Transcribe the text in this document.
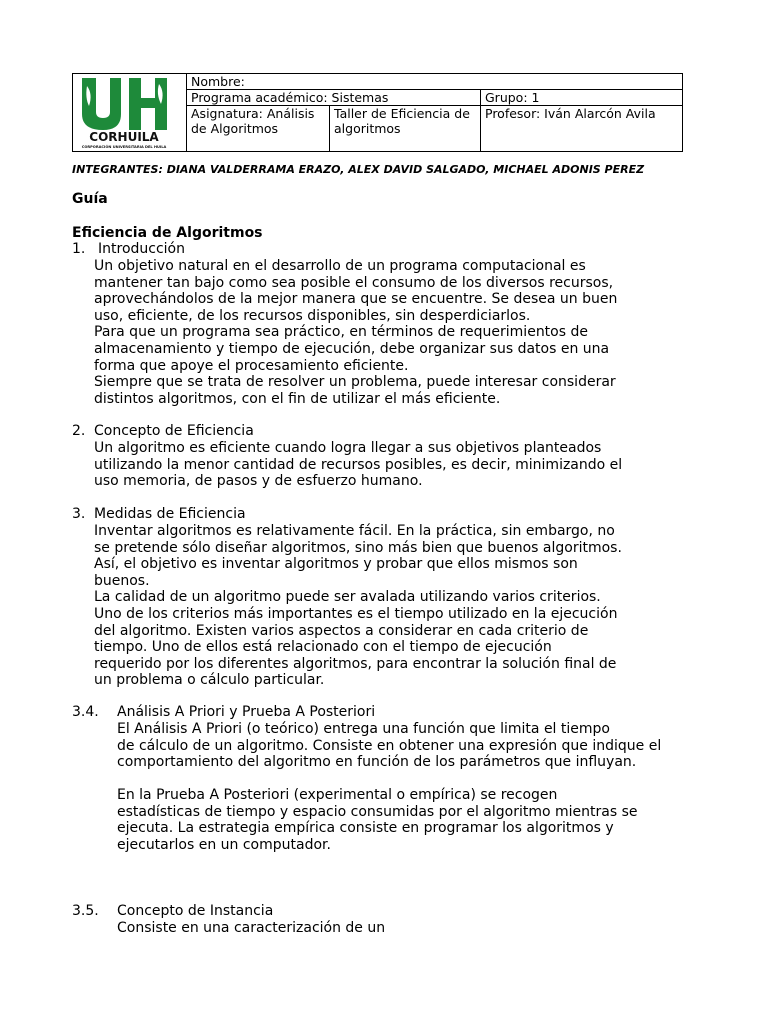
CORHUILA
CORPORACIÓN UNIVERSITARIA DEL HUILA
Nombre:
Programa académico: Sistemas	Grupo: 1
Asignatura: Análisis
de Algoritmos
Taller de Eficiencia de
algoritmos
Profesor: Iván Alarcón Avila
INTEGRANTES: DIANA VALDERRAMA ERAZO, ALEX DAVID SALGADO, MICHAEL ADONIS PEREZ
Guía
Eficiencia de Algoritmos
1. Introducción
Un objetivo natural en el desarrollo de un programa computacional es
mantener tan bajo como sea posible el consumo de los diversos recursos,
aprovechándolos de la mejor manera que se encuentre. Se desea un buen
uso, eficiente, de los recursos disponibles, sin desperdiciarlos.
Para que un programa sea práctico, en términos de requerimientos de
almacenamiento y tiempo de ejecución, debe organizar sus datos en una
forma que apoye el procesamiento eficiente.
Siempre que se trata de resolver un problema, puede interesar considerar
distintos algoritmos, con el fin de utilizar el más eficiente.
2. Concepto de Eficiencia
Un algoritmo es eficiente cuando logra llegar a sus objetivos planteados
utilizando la menor cantidad de recursos posibles, es decir, minimizando el
uso memoria, de pasos y de esfuerzo humano.
3. Medidas de Eficiencia
Inventar algoritmos es relativamente fácil. En la práctica, sin embargo, no
se pretende sólo diseñar algoritmos, sino más bien que buenos algoritmos.
Así, el objetivo es inventar algoritmos y probar que ellos mismos son
buenos.
La calidad de un algoritmo puede ser avalada utilizando varios criterios.
Uno de los criterios más importantes es el tiempo utilizado en la ejecución
del algoritmo. Existen varios aspectos a considerar en cada criterio de
tiempo. Uno de ellos está relacionado con el tiempo de ejecución
requerido por los diferentes algoritmos, para encontrar la solución final de
un problema o cálculo particular.
3.4. Análisis A Priori y Prueba A Posteriori
El Análisis A Priori (o teórico) entrega una función que limita el tiempo
de cálculo de un algoritmo. Consiste en obtener una expresión que indique el
comportamiento del algoritmo en función de los parámetros que influyan.
En la Prueba A Posteriori (experimental o empírica) se recogen
estadísticas de tiempo y espacio consumidas por el algoritmo mientras se
ejecuta. La estrategia empírica consiste en programar los algoritmos y
ejecutarlos en un computador.
3.5. Concepto de Instancia
Consiste en una caracterización de un
